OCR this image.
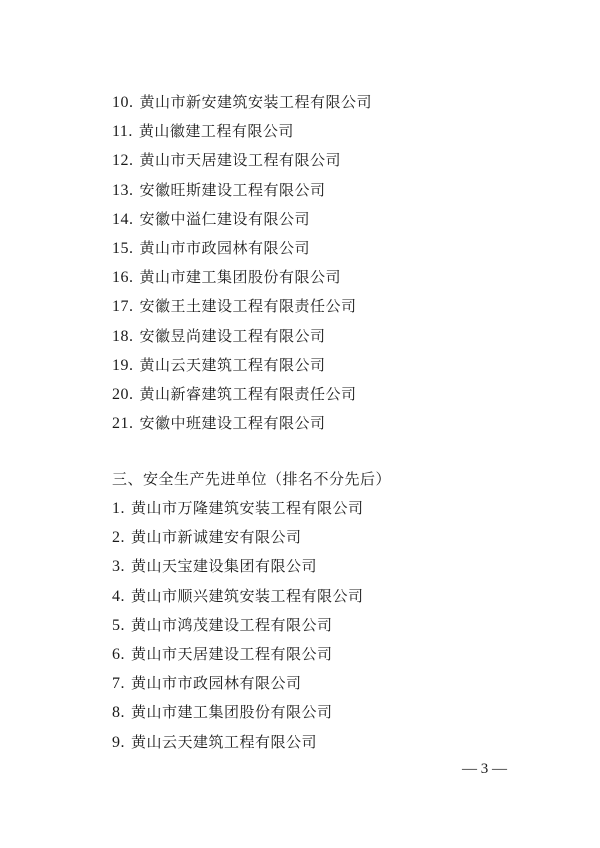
10. 黄山市新安建筑安装工程有限公司
11. 黄山徽建工程有限公司
12. 黄山市天居建设工程有限公司
13. 安徽旺斯建设工程有限公司
14. 安徽中溢仁建设有限公司
15. 黄山市市政园林有限公司
16. 黄山市建工集团股份有限公司
17. 安徽王土建设工程有限责任公司
18. 安徽昱尚建设工程有限公司
19. 黄山云天建筑工程有限公司
20. 黄山新睿建筑工程有限责任公司
21. 安徽中班建设工程有限公司
三、安全生产先进单位（排名不分先后）
1. 黄山市万隆建筑安装工程有限公司
2. 黄山市新诚建安有限公司
3. 黄山天宝建设集团有限公司
4. 黄山市顺兴建筑安装工程有限公司
5. 黄山市鸿茂建设工程有限公司
6. 黄山市天居建设工程有限公司
7. 黄山市市政园林有限公司
8. 黄山市建工集团股份有限公司
9. 黄山云天建筑工程有限公司
— 3 —
